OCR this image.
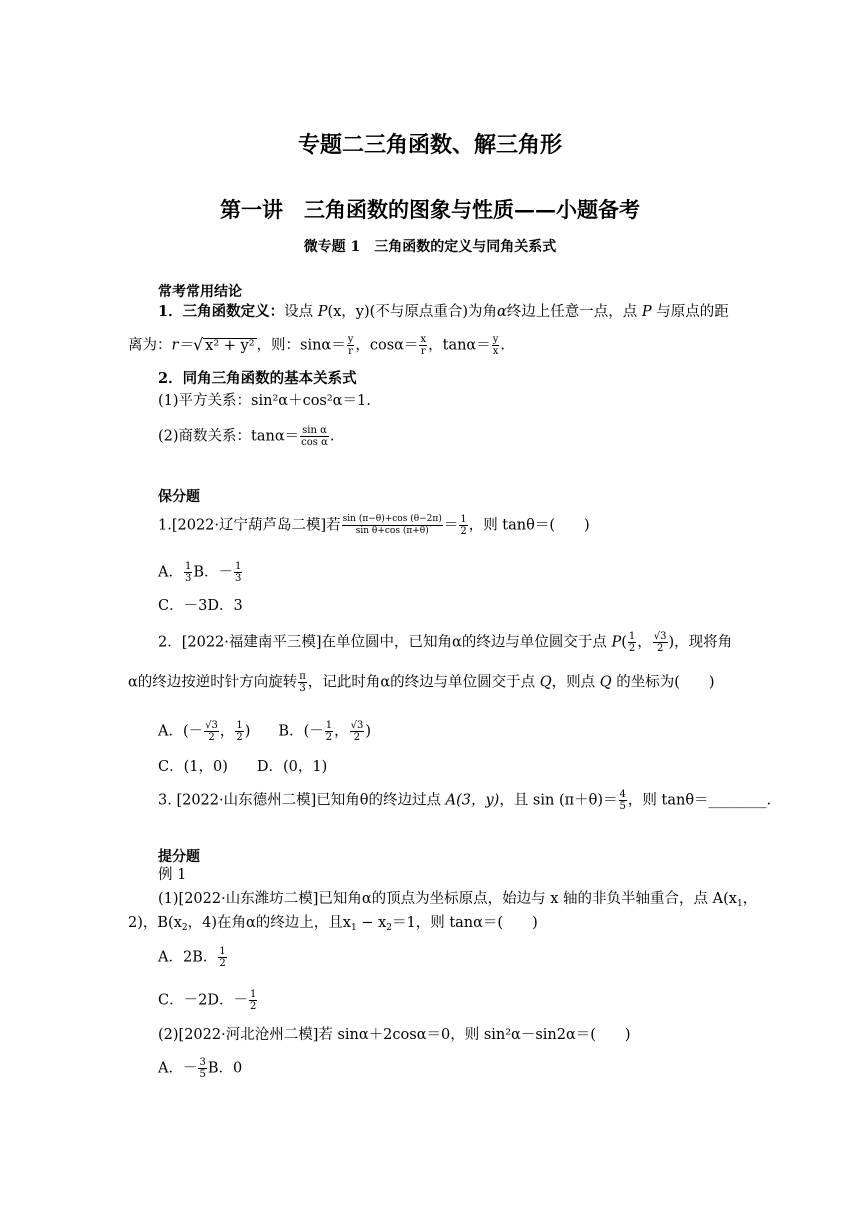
专题二三角函数、解三角形
第一讲　三角函数的图象与性质——小题备考
微专题 1　三角函数的定义与同角关系式
常考常用结论
1．三角函数定义：设点 P(x，y)(不与原点重合)为角α终边上任意一点，点 P 与原点的距
离为：r＝√ x² + y² ，则：$\sin\alpha= \frac{y}{r}$ ，$\cos\alpha= \frac{x}{r}$ ，$\tan\alpha= \frac{y}{x}$ .
2．同角三角函数的基本关系式
(1)平方关系：sin²α＋cos²α＝1.
(2)商数关系：$\tan\alpha= \frac{\text{sin α}}{\text{cos α}}$ .
保分题
1.[2022·辽宁葫芦岛二模]若 $\frac{\sin (\pi-\theta)+\cos (\theta-2\pi)}{\text{sin θ+cos (π+θ)}} = \frac{1}{2}$ ，则 tanθ＝(　　)
A． $\frac{1}{3}$ B．－ $\frac{1}{3}$
C．－3D．3
2．[2022·福建南平三模]在单位圆中，已知角α的终边与单位圆交于点 $P( \frac{1}{2}$ ， $\frac{√3}{2}$ )，现将角
α的终边按逆时针方向旋转 $\frac{\pi}{3}$ ，记此时角α的终边与单位圆交于点 Q，则点 Q 的坐标为(　　)
A．(－ $\frac{√3}{2}$ ， $\frac{1}{2}$ ) B．(－ $\frac{1}{2}$ ， $\frac{√3}{2}$ )
C．(1，0)　　D．(0，1)
3. [2022·山东德州二模]已知角θ的终边过点 A(3，y)，且 $\sin (\pi+\theta)= \frac{4}{5}$ ，则 tanθ＝________.
提分题
例 1
(1)[2022·山东潍坊二模]已知角α的顶点为坐标原点，始边与 x 轴的非负半轴重合，点 $A(x_1$，
2)，$B(x_2$，4)在角α的终边上，且$x_1 - x_2=1$，则 tanα＝(　　)
A．2B． $\frac{1}{2}$
C．－2D．－ $\frac{1}{2}$
(2)[2022·河北沧州二模]若 sinα＋2cosα＝0，则 sin²α－sin2α＝(　　)
A．－ $\frac{3}{5}$ B．0
